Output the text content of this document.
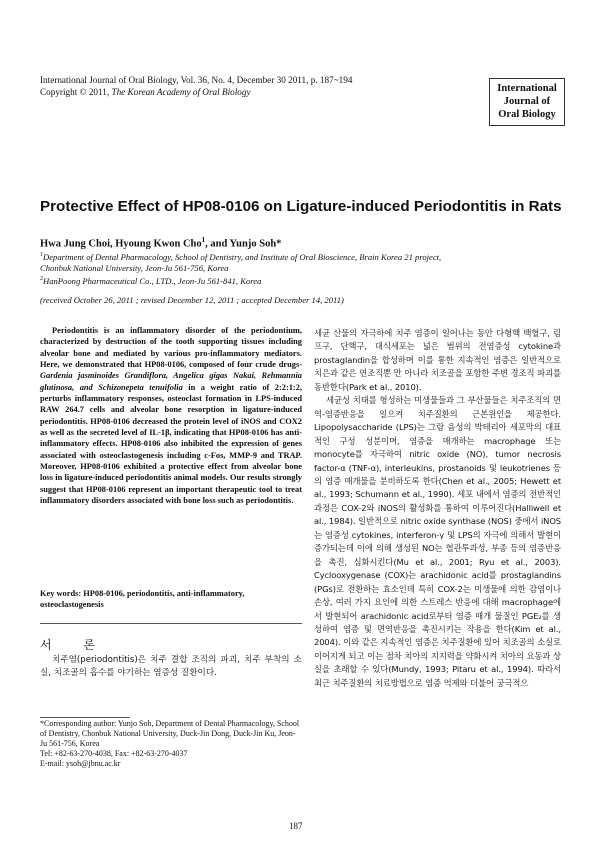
International Journal of Oral Biology, Vol. 36, No. 4, December 30 2011, p. 187~194
Copyright © 2011, The Korean Academy of Oral Biology	International
Journal of
Oral Biology
Protective Effect of HP08-0106 on Ligature-induced Periodontitis in Rats
Hwa Jung Choi, Hyoung Kwon Cho$^1$, and Yunjo Soh*
$^1$Department of Dental Pharmacology, School of Dentistry, and Institute of Oral Bioscience, Brain Korea 21 project,
Chonbuk National University, Jeon-Ju 561-756, Korea
$^2$HanPoong Pharmaceutical Co., LTD., Jeon-Ju 561-841, Korea
(received October 26, 2011 ; revised December 12, 2011 ; accepted December 14, 2011)

Periodontitis is an inflammatory disorder of the periodontium, characterized by destruction of the tooth supporting tissues including alveolar bone and mediated by various pro-inflammatory mediators. Here, we demonstrated that HP08-0106, composed of four crude drugs-Gardenia jasminoides Grandiflora, Angelica gigas Nakai, Rehmannia glutinosa, and Schizonepeta tenuifolia in a weight ratio of 2:2:1:2, perturbs inflammatory responses, osteoclast formation in LPS-induced RAW 264.7 cells and alveolar bone resorption in ligature-induced periodontitis. HP08-0106 decreased the protein level of iNOS and COX2 as well as the secreted level of IL-1β, indicating that HP08-0106 has anti-inflammatory effects. HP08-0106 also inhibited the expression of genes associated with osteoclastogenesis including c-Fos, MMP-9 and TRAP. Moreover, HP08-0106 exhibited a protective effect from alveolar bone loss in ligature-induced periodontitis animal models. Our results strongly suggest that HP08-0106 represent an important therapeutic tool to treat inflammatory disorders associated with bone loss such as periodontitis.

Key words: HP08-0106, periodontitis, anti-inflammatory, osteoclastogenesis
서 론
치주염(periodontitis)은 치주 결합 조직의 파괴, 치주 부착의 소실, 치조골의 흡수를 야기하는 염증성 질환이다.
*Corresponding author: Yunjo Soh, Department of Dental Pharmacology, School of Dentistry, Chonbuk National University, Duck-Jin Dong, Duck-Jin Ku, Jeon-Ju 561-756, Korea
Tel: +82-63-270-4038, Fax: +82-63-270-4037
E-mail: ysoh@jbnu.ac.kr

세균 산물의 자극하에 치주 염증이 일어나는 동안 다형핵 백혈구, 림프구, 단핵구, 대식세포는 넓은 범위의 전염증성 cytokine과 prostaglandin을 합성하며 이를 통한 지속적인 염증은 일반적으로 치은과 같은 연조직뿐 만 아니라 치조골을 포함한 주변 경조직 파괴를 동반한다(Park et al., 2010).

세균성 치태를 형성하는 미생물들과 그 부산물들은 치주조직의 면역-염증반응을 일으켜 치주질환의 근본원인을 제공한다. Lipopolysaccharide (LPS)는 그람 음성의 박테리아 세포막의 대표적인 구성 성분이며, 염증을 매개하는 macrophage 또는 monocyte를 자극하여 nitric oxide (NO), tumor necrosis factor-α (TNF-α), interleukins, prostanoids 및 leukotrienes 등의 염증 매개물을 분비하도록 한다(Chen et al., 2005; Hewett et al., 1993; Schumann et al., 1990). 세포 내에서 염증의 전반적인 과정은 COX-2와 iNOS의 활성화를 통하여 이루어진다(Halliwell et al., 1984). 일반적으로 nitric oxide synthase (NOS) 중에서 iNOS는 염증성 cytokines, interferon-γ 및 LPS의 자극에 의해서 발현이 증가되는데 이에 의해 생성된 NO는 혈관투과성, 부종 등의 염증반응을 촉진, 심화시킨다(Mu et al., 2001; Ryu et al., 2003). Cyclooxygenase (COX)는 arachidonic acid를 prostaglandins (PGs)로 전환하는 효소인데 특히 COX-2는 미생물에 의한 감염이나 손상, 여러 가지 요인에 의한 스트레스 반응에 대해 macrophage에서 발현되어 arachidonic acid로부터 염증 매개 물질인 PGE₂를 생성하여 염증 및 면역반응을 촉진시키는 작용을 한다(Kim et al., 2004). 이와 같은 지속적인 염증은 치주질환에 있어 치조골의 소실로 이어지게 되고 이는 점차 치아의 지지력을 약화시켜 치아의 요동과 상실을 초래할 수 있다(Mundy, 1993; Pitaru et al., 1994). 따라서 최근 치주질환의 치료방법으로 염증 억제와 더불어 궁극적으

187
